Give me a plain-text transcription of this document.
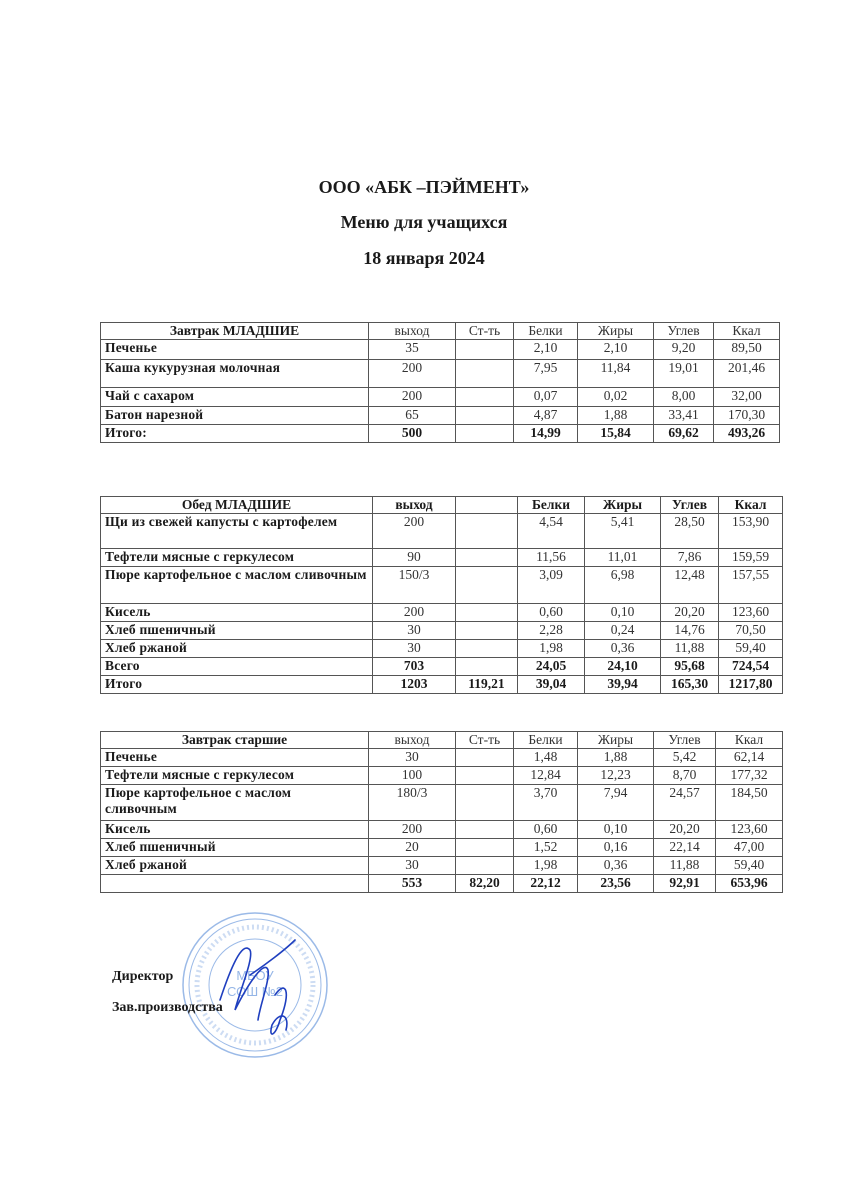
ООО «АБК –ПЭЙМЕНТ»
Меню для учащихся
18 января 2024
Завтрак МЛАДШИЕ	выход	Ст-ть	Белки	Жиры	Углев	Ккал
Печенье	35		2,10	2,10	9,20	89,50
Каша кукурузная молочная	200		7,95	11,84	19,01	201,46
Чай с сахаром	200		0,07	0,02	8,00	32,00
Батон нарезной	65		4,87	1,88	33,41	170,30
Итого:	500		14,99	15,84	69,62	493,26
Обед МЛАДШИЕ	выход		Белки	Жиры	Углев	Ккал
Щи из свежей капусты с картофелем	200		4,54	5,41	28,50	153,90
Тефтели мясные с геркулесом	90		11,56	11,01	7,86	159,59
Пюре картофельное с маслом сливочным	150/3		3,09	6,98	12,48	157,55
Кисель	200		0,60	0,10	20,20	123,60
Хлеб пшеничный	30		2,28	0,24	14,76	70,50
Хлеб ржаной	30		1,98	0,36	11,88	59,40
Всего	703		24,05	24,10	95,68	724,54
Итого	1203	119,21	39,04	39,94	165,30	1217,80
Завтрак старшие	выход	Ст-ть	Белки	Жиры	Углев	Ккал
Печенье	30		1,48	1,88	5,42	62,14
Тефтели мясные с геркулесом	100		12,84	12,23	8,70	177,32
Пюре картофельное с маслом сливочным	180/3		3,70	7,94	24,57	184,50
Кисель	200		0,60	0,10	20,20	123,60
Хлеб пшеничный	20		1,52	0,16	22,14	47,00
Хлеб ржаной	30		1,98	0,36	11,88	59,40
	553	82,20	22,12	23,56	92,91	653,96
МБОУ
СОШ №2
Директор
Зав.производства
